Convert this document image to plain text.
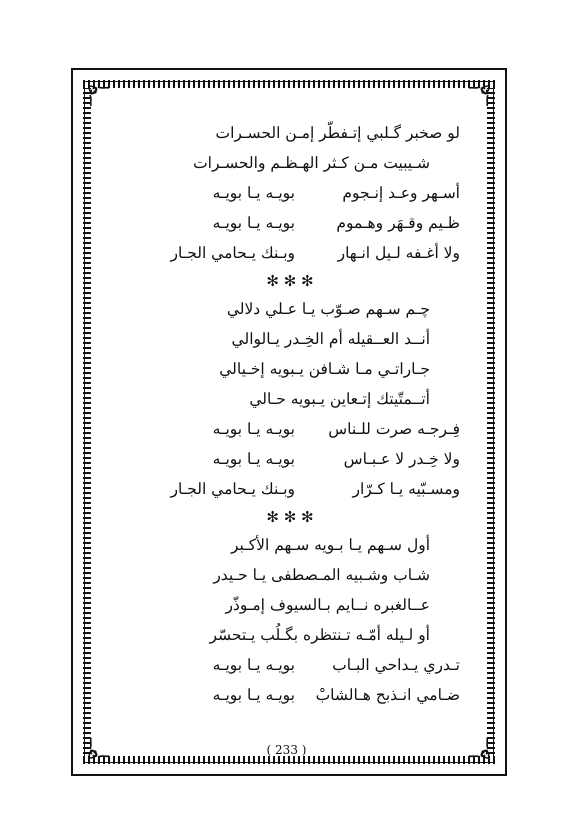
لو صخبر گـلبي إتـفطّر إمـن الحسـرات
شـيبيت مـن كـثر الهـظـم والحسـرات
أسـهر وعـد إنـجوم
بويـه يـا بويـه
ظـيم وقـهَر وهـموم
بويـه يـا بويـه
ولا أغـفه لـيل انـهار
وبـنك يـحامي الجـار
✻ ✻ ✻
چـم سـهم صـوّب يـا عـلي دلالي
أنــد العــقيله أم الخِـدر يـالوالي
جـاراتـي مـا شـافن يـبويه إخـيالي
أتــمتّيتك إتـعاين يـبويه حـالي
فِـرجـه صرت للـناس
بويـه يـا بويـه
ولا خِـدر لا عـبـاس
بويـه يـا بويـه
ومسـبّيه يـا كـرّار
وبـنك يـحامي الجـار
✻ ✻ ✻
أول سـهم يـا بـويه سـهم الأكـبر
شـاب وشـبيه المـصطفى يـا حـيدر
عــالغبره نــايم بـالسيوف إمـوذّر
أو لـيله أمّـه تـنتظره بگـلُب يـتحسّر
تـدري يـداحي البـاب
بويـه يـا بويـه
ضـامي انـذبح هـالشابْ
بويـه يـا بويـه
( 233 )
